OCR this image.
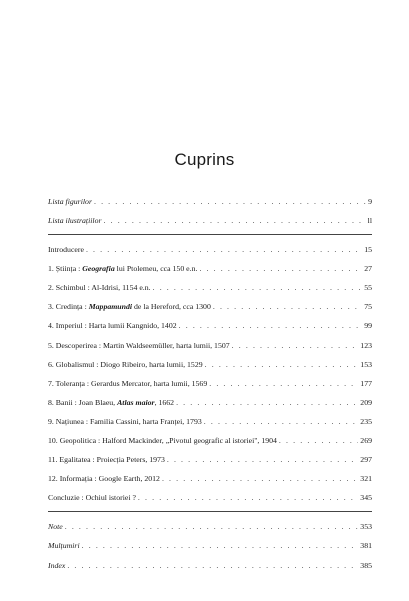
Cuprins
Lista figurilor . . .	9
Lista ilustrațiilor . . .	ll
Introducere . . .	15
1. Știința : Geografia lui Ptolemeu, cca 150 e.n. . . .	27
2. Schimbul : Al-Idrisi, 1154 e.n. . . .	55
3. Credința : Mappamundi de la Hereford, cca 1300 . . .	75
4. Imperiul : Harta lumii Kangnido, 1402 . . .	99
5. Descoperirea : Martin Waldseemüller, harta lumii, 1507 . . .	123
6. Globalismul : Diogo Ribeiro, harta lumii, 1529 . . .	153
7. Toleranța : Gerardus Mercator, harta lumii, 1569 . . .	177
8. Banii : Joan Blaeu, Atlas maior, 1662 . . .	209
9. Națiunea : Familia Cassini, harta Franței, 1793 . . .	235
10. Geopolitica : Halford Mackinder, „Pivotul geografic al istoriei", 1904 . . .	269
11. Egalitatea : Proiecția Peters, 1973 . . .	297
12. Informația : Google Earth, 2012 . . .	321
Concluzie : Ochiul istoriei ? . . .	345
Note . . .	353
Mulțumiri . . .	381
Index . . .	385
